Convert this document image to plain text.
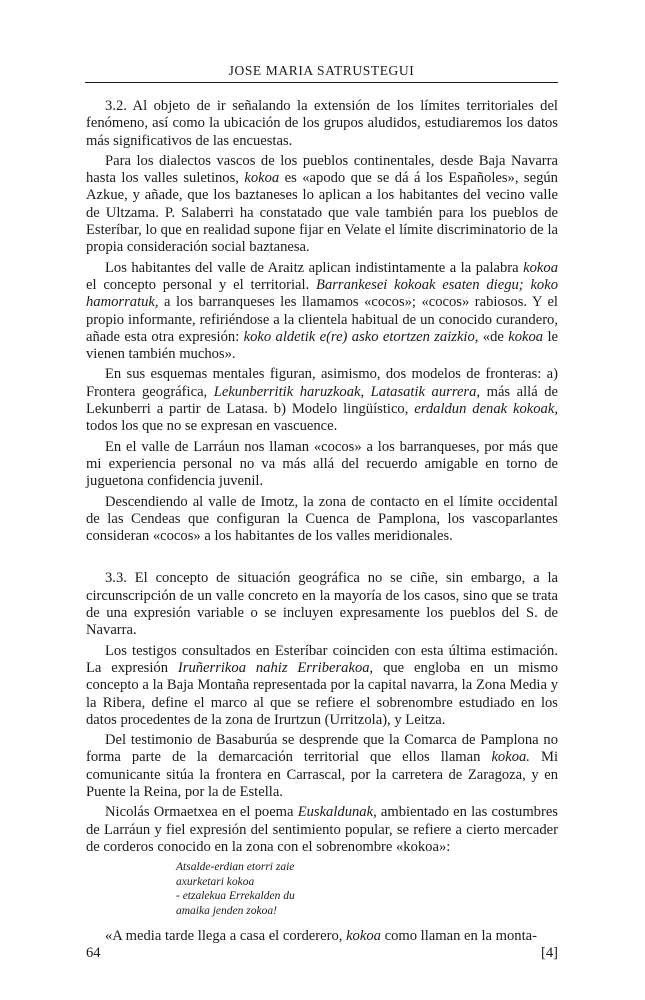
JOSE MARIA SATRUSTEGUI

3.2. Al objeto de ir señalando la extensión de los límites territoriales del fenómeno, así como la ubicación de los grupos aludidos, estudiaremos los datos más significativos de las encuestas.

Para los dialectos vascos de los pueblos continentales, desde Baja Navarra hasta los valles suletinos, kokoa es «apodo que se dá á los Españoles», según Azkue, y añade, que los baztaneses lo aplican a los habitantes del vecino valle de Ultzama. P. Salaberri ha constatado que vale también para los pueblos de Esteríbar, lo que en realidad supone fijar en Velate el límite discriminatorio de la propia consideración social baztanesa.

Los habitantes del valle de Araitz aplican indistintamente a la palabra kokoa el concepto personal y el territorial. Barrankesei kokoak esaten diegu; koko hamorratuk, a los barranqueses les llamamos «cocos»; «cocos» rabiosos. Y el propio informante, refiriéndose a la clientela habitual de un conocido curandero, añade esta otra expresión: koko aldetik e(re) asko etortzen zaizkio, «de kokoa le vienen también muchos».

En sus esquemas mentales figuran, asimismo, dos modelos de fronteras: a) Frontera geográfica, Lekunberritik haruzkoak, Latasatik aurrera, más allá de Lekunberri a partir de Latasa. b) Modelo lingüístico, erdaldun denak kokoak, todos los que no se expresan en vascuence.

En el valle de Larráun nos llaman «cocos» a los barranqueses, por más que mi experiencia personal no va más allá del recuerdo amigable en torno de juguetona confidencia juvenil.

Descendiendo al valle de Imotz, la zona de contacto en el límite occidental de las Cendeas que configuran la Cuenca de Pamplona, los vascoparlantes consideran «cocos» a los habitantes de los valles meridionales.

3.3. El concepto de situación geográfica no se ciñe, sin embargo, a la circunscripción de un valle concreto en la mayoría de los casos, sino que se trata de una expresión variable o se incluyen expresamente los pueblos del S. de Navarra.

Los testigos consultados en Esteríbar coinciden con esta última estimación. La expresión Iruñerrikoa nahiz Erriberakoa, que engloba en un mismo concepto a la Baja Montaña representada por la capital navarra, la Zona Media y la Ribera, define el marco al que se refiere el sobrenombre estudiado en los datos procedentes de la zona de Irurtzun (Urritzola), y Leitza.

Del testimonio de Basaburúa se desprende que la Comarca de Pamplona no forma parte de la demarcación territorial que ellos llaman kokoa. Mi comunicante sitúa la frontera en Carrascal, por la carretera de Zaragoza, y en Puente la Reina, por la de Estella.

Nicolás Ormaetxea en el poema Euskaldunak, ambientado en las costumbres de Larráun y fiel expresión del sentimiento popular, se refiere a cierto mercader de corderos conocido en la zona con el sobrenombre «kokoa»:

Atsalde-erdian etorri zaie
axurketari kokoa
- etzalekua Errekalden du
amaika jenden zokoa!

«A media tarde llega a casa el corderero, kokoa como llaman en la monta-

64	[4]
